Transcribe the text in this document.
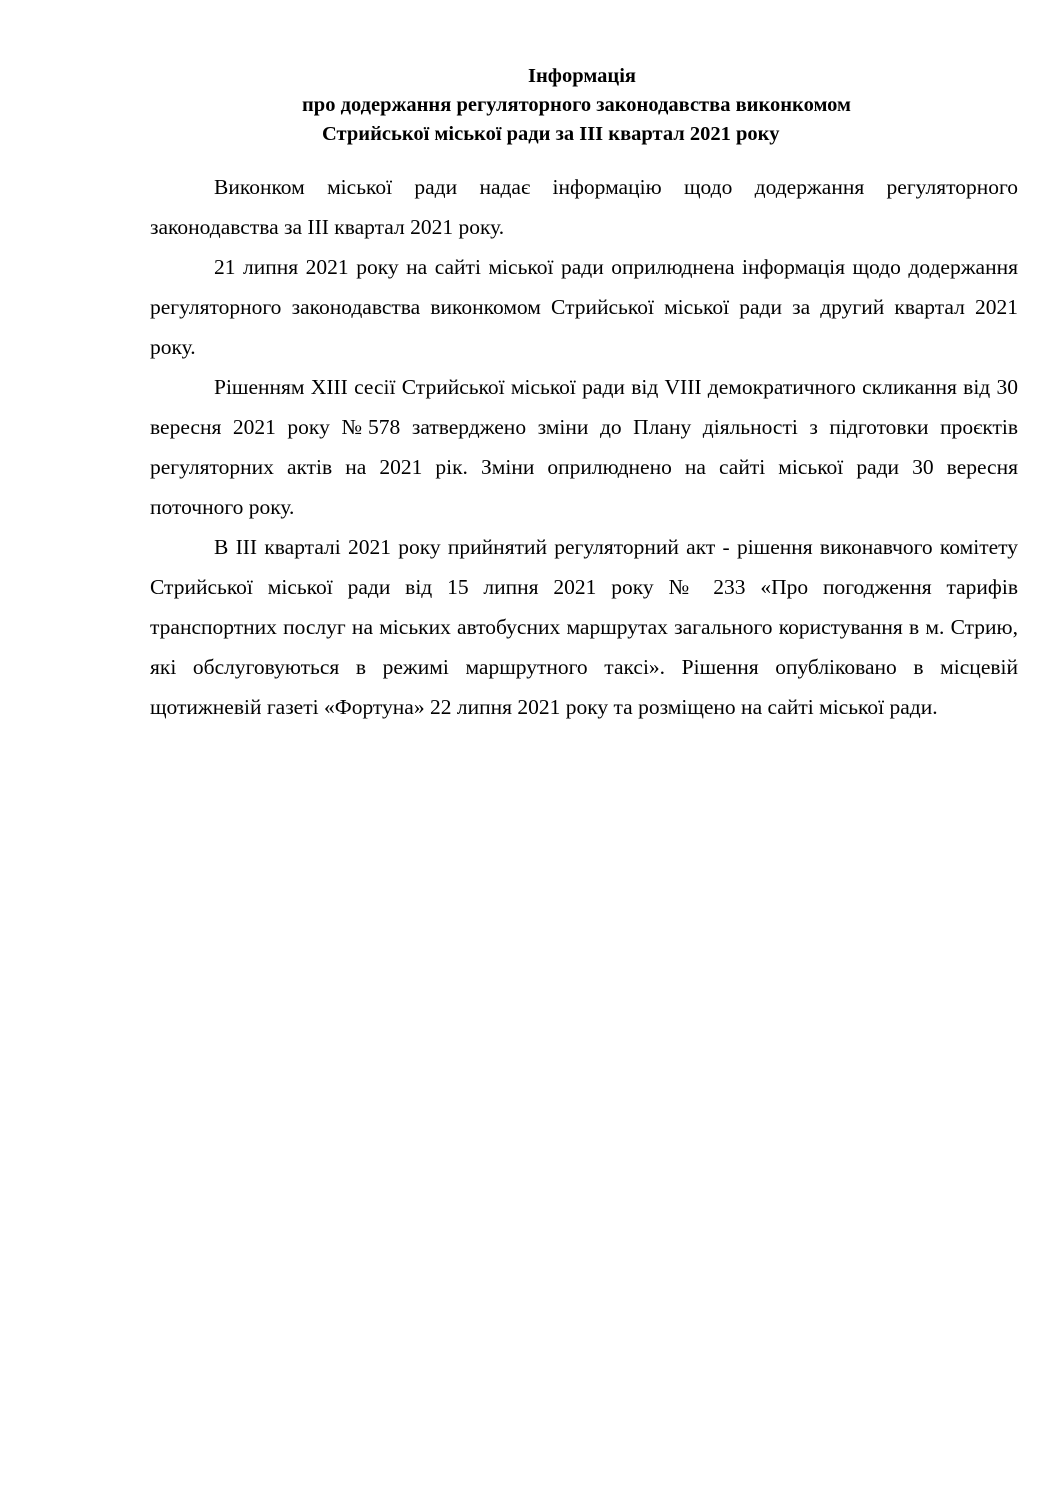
Інформація
про додержання регуляторного законодавства виконкомом
Стрийської міської ради за ІІІ квартал 2021 року

Виконком міської ради надає інформацію щодо додержання регуляторного законодавства за ІІІ квартал 2021 року.

21 липня 2021 року на сайті міської ради оприлюднена інформація щодо додержання регуляторного законодавства виконкомом Стрийської міської ради за другий квартал 2021 року.

Рішенням ХІІІ сесії Стрийської міської ради від VІІІ демократичного скликання від 30 вересня 2021 року №578 затверджено зміни до Плану діяльності з підготовки проєктів регуляторних актів на 2021 рік. Зміни оприлюднено на сайті міської ради 30 вересня поточного року.

В ІІІ кварталі 2021 року прийнятий регуляторний акт - рішення виконавчого комітету Стрийської міської ради від 15 липня 2021 року № 233 «Про погодження тарифів транспортних послуг на міських автобусних маршрутах загального користування в м. Стрию, які обслуговуються в режимі маршрутного таксі». Рішення опубліковано в місцевій щотижневій газеті «Фортуна» 22 липня 2021 року та розміщено на сайті міської ради.
